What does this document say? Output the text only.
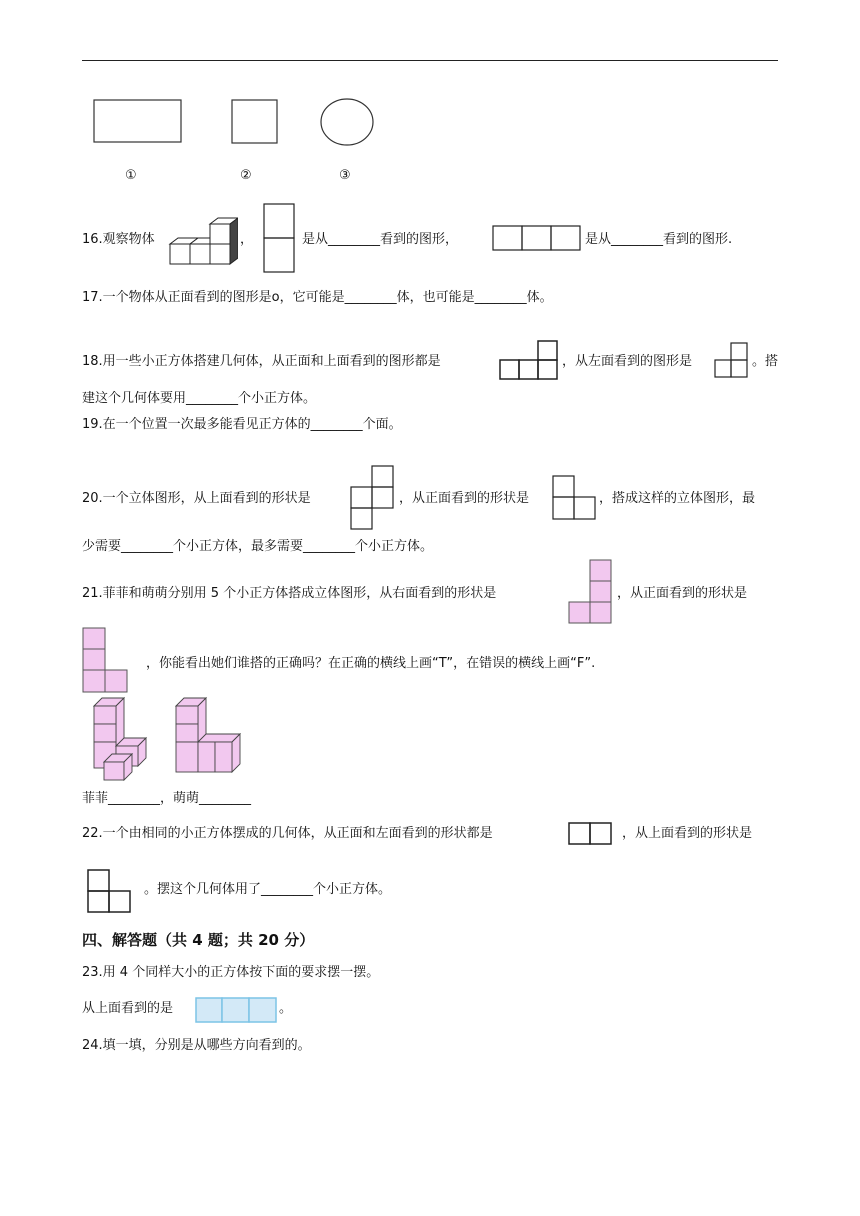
①	②	③
16.观察物体	，	是从________看到的图形，	是从________看到的图形.
17.一个物体从正面看到的图形是o，它可能是________体，也可能是________体。
18.用一些小正方体搭建几何体，从正面和上面看到的图形都是	，从左面看到的图形是	。搭
建这个几何体要用________个小正方体。
19.在一个位置一次最多能看见正方体的________个面。
20.一个立体图形，从上面看到的形状是	，从正面看到的形状是	，搭成这样的立体图形，最
少需要________个小正方体，最多需要________个小正方体。
21.菲菲和萌萌分别用 5 个小正方体搭成立体图形，从右面看到的形状是	，从正面看到的形状是
，你能看出她们谁搭的正确吗？在正确的横线上画“T”，在错误的横线上画“F”.
菲菲________，萌萌________
22.一个由相同的小正方体摆成的几何体，从正面和左面看到的形状都是	，从上面看到的形状是
。摆这个几何体用了________个小正方体。
四、解答题（共 4 题；共 20 分）
23.用 4 个同样大小的正方体按下面的要求摆一摆。
从上面看到的是	。
24.填一填，分别是从哪些方向看到的。
